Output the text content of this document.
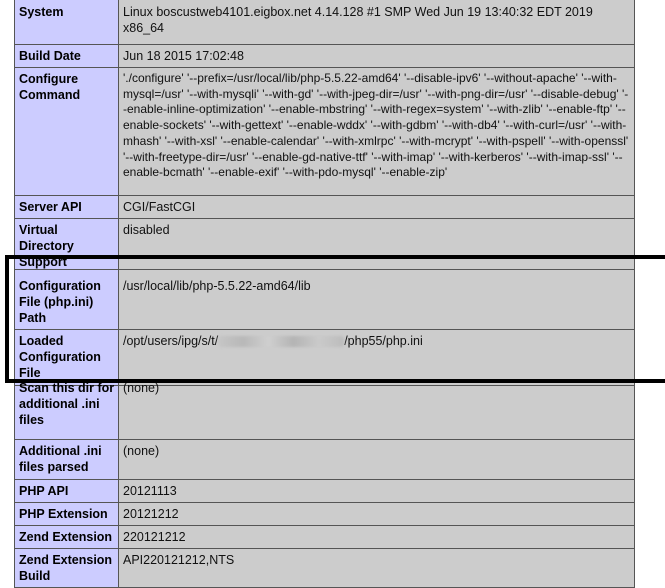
System	Linux boscustweb4101.eigbox.net 4.14.128 #1 SMP Wed Jun 19 13:40:32 EDT 2019 x86_64
Build Date	Jun 18 2015 17:02:48
Configure Command	'./configure' '--prefix=/usr/local/lib/php-5.5.22-amd64' '--disable-ipv6' '--without-apache' '--with-mysql=/usr' '--with-mysqli' '--with-gd' '--with-jpeg-dir=/usr' '--with-png-dir=/usr' '--disable-debug' '--enable-inline-optimization' '--enable-mbstring' '--with-regex=system' '--with-zlib' '--enable-ftp' '--enable-sockets' '--with-gettext' '--enable-wddx' '--with-gdbm' '--with-db4' '--with-curl=/usr' '--with-mhash' '--with-xsl' '--enable-calendar' '--with-xmlrpc' '--with-mcrypt' '--with-pspell' '--with-openssl' '--with-freetype-dir=/usr' '--enable-gd-native-ttf' '--with-imap' '--with-kerberos' '--with-imap-ssl' '--enable-bcmath' '--enable-exif' '--with-pdo-mysql' '--enable-zip'
Server API	CGI/FastCGI

Virtual Directory Support	disabled
Configuration File (php.ini) Path	/usr/local/lib/php-5.5.22-amd64/lib
Loaded Configuration File	/opt/users/ipg/s/t/ /php55/php.ini

Scan this dir for additional .ini files	(none)

Additional .ini files parsed	(none)
PHP API	20121113
PHP Extension	20121212
Zend Extension	220121212
Zend Extension Build	API220121212,NTS
